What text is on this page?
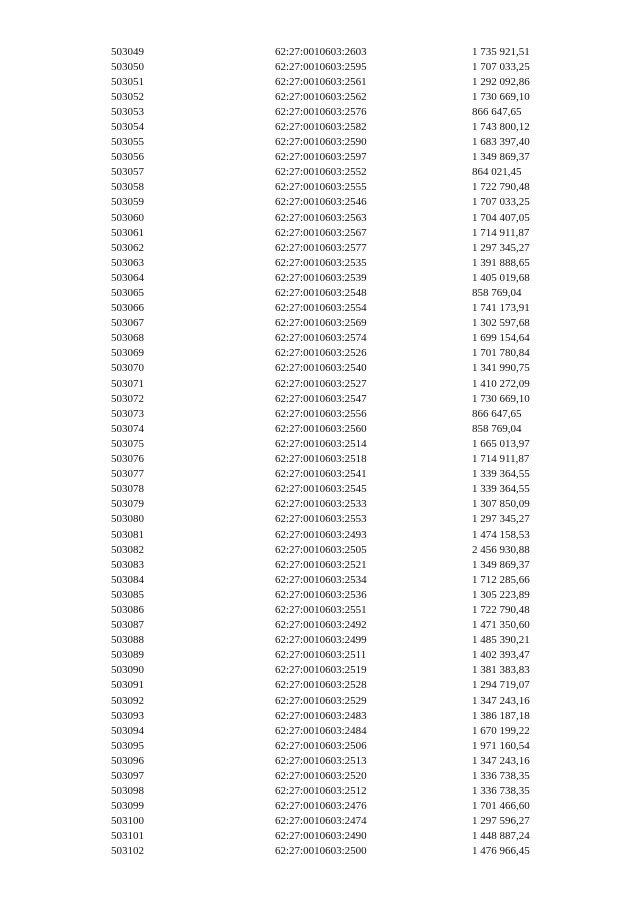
503049	62:27:0010603:2603	1 735 921,51
503050	62:27:0010603:2595	1 707 033,25
503051	62:27:0010603:2561	1 292 092,86
503052	62:27:0010603:2562	1 730 669,10
503053	62:27:0010603:2576	866 647,65
503054	62:27:0010603:2582	1 743 800,12
503055	62:27:0010603:2590	1 683 397,40
503056	62:27:0010603:2597	1 349 869,37
503057	62:27:0010603:2552	864 021,45
503058	62:27:0010603:2555	1 722 790,48
503059	62:27:0010603:2546	1 707 033,25
503060	62:27:0010603:2563	1 704 407,05
503061	62:27:0010603:2567	1 714 911,87
503062	62:27:0010603:2577	1 297 345,27
503063	62:27:0010603:2535	1 391 888,65
503064	62:27:0010603:2539	1 405 019,68
503065	62:27:0010603:2548	858 769,04
503066	62:27:0010603:2554	1 741 173,91
503067	62:27:0010603:2569	1 302 597,68
503068	62:27:0010603:2574	1 699 154,64
503069	62:27:0010603:2526	1 701 780,84
503070	62:27:0010603:2540	1 341 990,75
503071	62:27:0010603:2527	1 410 272,09
503072	62:27:0010603:2547	1 730 669,10
503073	62:27:0010603:2556	866 647,65
503074	62:27:0010603:2560	858 769,04
503075	62:27:0010603:2514	1 665 013,97
503076	62:27:0010603:2518	1 714 911,87
503077	62:27:0010603:2541	1 339 364,55
503078	62:27:0010603:2545	1 339 364,55
503079	62:27:0010603:2533	1 307 850,09
503080	62:27:0010603:2553	1 297 345,27
503081	62:27:0010603:2493	1 474 158,53
503082	62:27:0010603:2505	2 456 930,88
503083	62:27:0010603:2521	1 349 869,37
503084	62:27:0010603:2534	1 712 285,66
503085	62:27:0010603:2536	1 305 223,89
503086	62:27:0010603:2551	1 722 790,48
503087	62:27:0010603:2492	1 471 350,60
503088	62:27:0010603:2499	1 485 390,21
503089	62:27:0010603:2511	1 402 393,47
503090	62:27:0010603:2519	1 381 383,83
503091	62:27:0010603:2528	1 294 719,07
503092	62:27:0010603:2529	1 347 243,16
503093	62:27:0010603:2483	1 386 187,18
503094	62:27:0010603:2484	1 670 199,22
503095	62:27:0010603:2506	1 971 160,54
503096	62:27:0010603:2513	1 347 243,16
503097	62:27:0010603:2520	1 336 738,35
503098	62:27:0010603:2512	1 336 738,35
503099	62:27:0010603:2476	1 701 466,60
503100	62:27:0010603:2474	1 297 596,27
503101	62:27:0010603:2490	1 448 887,24
503102	62:27:0010603:2500	1 476 966,45
